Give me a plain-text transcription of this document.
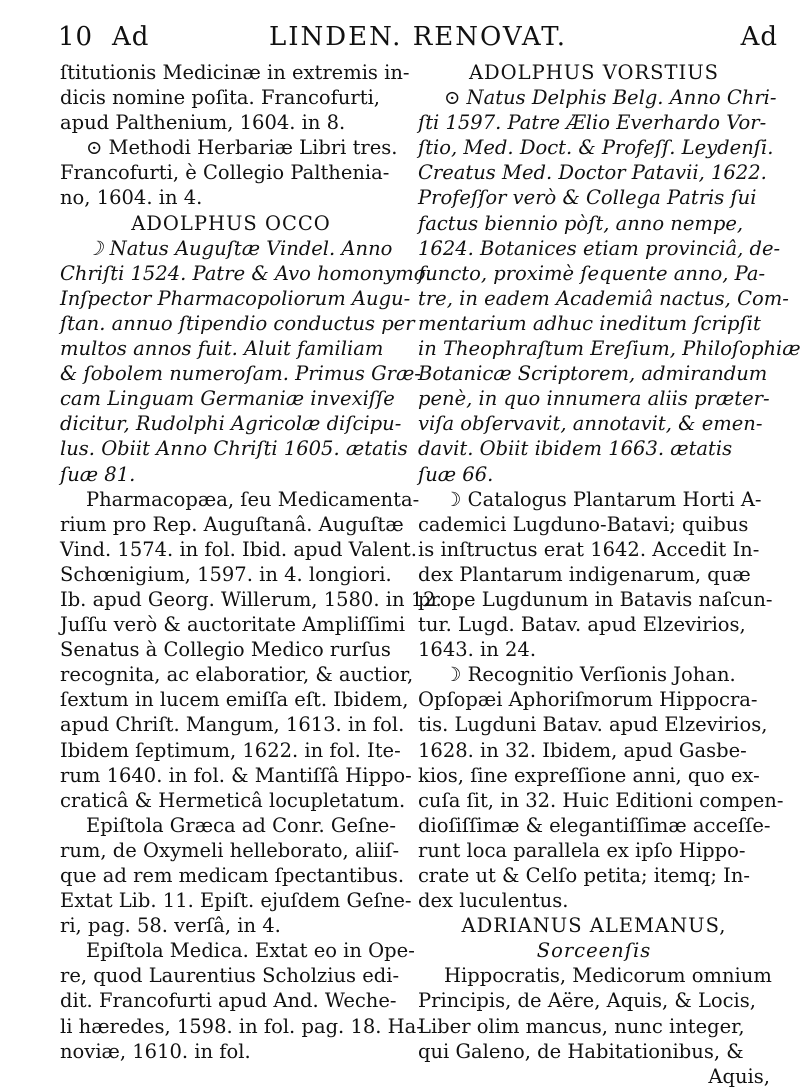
10 Ad	LINDEN. RENOVAT.	Ad
ſtitutionis Medicinæ in extremis in-
dicis nomine poſita. Francofurti,
apud Palthenium, 1604. in 8.
⊙ Methodi Herbariæ Libri tres.
Francofurti, è Collegio Palthenia-
no, 1604. in 4.
ADOLPHUS OCCO
☽ Natus Auguſtæ Vindel. Anno
Chriſti 1524. Patre & Avo homonymo.
Inſpector Pharmacopoliorum Augu-
ſtan. annuo ſtipendio conductus per
multos annos fuit. Aluit familiam
& ſobolem numeroſam. Primus Græ-
cam Linguam Germaniæ invexiſſe
dicitur, Rudolphi Agricolæ diſcipu-
lus. Obiit Anno Chriſti 1605. ætatis
ſuæ 81.
Pharmacopæa, ſeu Medicamenta-
rium pro Rep. Auguſtanâ. Auguſtæ
Vind. 1574. in fol. Ibid. apud Valent.
Schœnigium, 1597. in 4. longiori.
Ib. apud Georg. Willerum, 1580. in 12.
Juſſu verò & auctoritate Ampliſſimi
Senatus à Collegio Medico rurſus
recognita, ac elaboratior, & auctior,
ſextum in lucem emiſſa eſt. Ibidem,
apud Chriſt. Mangum, 1613. in fol.
Ibidem ſeptimum, 1622. in fol. Ite-
rum 1640. in fol. & Mantiſſâ Hippo-
craticâ & Hermeticâ locupletatum.
Epiſtola Græca ad Conr. Geſne-
rum, de Oxymeli helleborato, aliiſ-
que ad rem medicam ſpectantibus.
Extat Lib. 11. Epiſt. ejuſdem Geſne-
ri, pag. 58. verſâ, in 4.
Epiſtola Medica. Extat eo in Ope-
re, quod Laurentius Scholzius edi-
dit. Francofurti apud And. Weche-
li hæredes, 1598. in fol. pag. 18. Ha-
noviæ, 1610. in fol.
ADOLPHUS VORSTIUS
⊙ Natus Delphis Belg. Anno Chri-
ſti 1597. Patre Ælio Everhardo Vor-
ſtio, Med. Doct. & Profeſſ. Leydenſi.
Creatus Med. Doctor Patavii, 1622.
Profeſſor verò & Collega Patris ſui
factus biennio pòſt, anno nempe,
1624. Botanices etiam provinciâ, de-
functo, proximè ſequente anno, Pa-
tre, in eadem Academiâ nactus, Com-
mentarium adhuc ineditum ſcripſit
in Theophraſtum Ereſium, Philoſophiæ
Botanicæ Scriptorem, admirandum
penè, in quo innumera aliis præter-
viſa obſervavit, annotavit, & emen-
davit. Obiit ibidem 1663. ætatis
ſuæ 66.
☽ Catalogus Plantarum Horti A-
cademici Lugduno-Batavi; quibus
is inſtructus erat 1642. Accedit In-
dex Plantarum indigenarum, quæ
prope Lugdunum in Batavis naſcun-
tur. Lugd. Batav. apud Elzevirios,
1643. in 24.
☽ Recognitio Verſionis Johan.
Opſopæi Aphoriſmorum Hippocra-
tis. Lugduni Batav. apud Elzevirios,
1628. in 32. Ibidem, apud Gasbe-
kios, ſine expreſſione anni, quo ex-
cuſa ſit, in 32. Huic Editioni compen-
dioſiſſimæ & elegantiſſimæ acceſſe-
runt loca parallela ex ipſo Hippo-
crate ut & Celſo petita; itemq; In-
dex luculentus.
ADRIANUS ALEMANUS,
Sorceenſis
Hippocratis, Medicorum omnium
Principis, de Aëre, Aquis, & Locis,
Liber olim mancus, nunc integer,
qui Galeno, de Habitationibus, &
Aquis,
